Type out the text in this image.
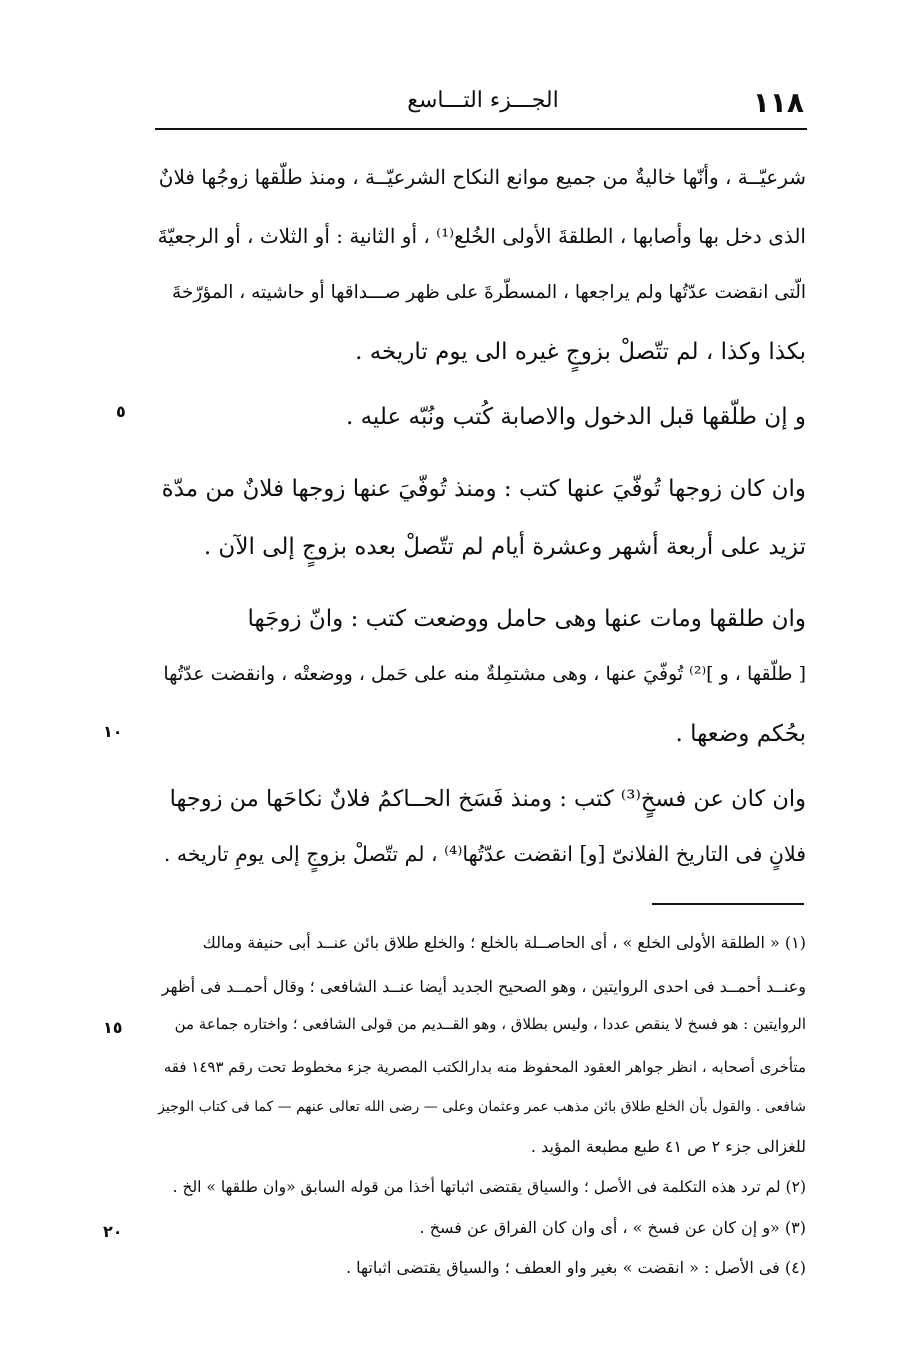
١١٨
الجـــزء التـــاسع
شرعيّــة ، وأنّها خاليةٌ من جميع موانع النكاح الشرعيّــة ، ومنذ طلّقها زوجُها فلانٌ
الذى دخل بها وأصابها ، الطلقةَ الأولى الخُلع⁽¹⁾ ، أو الثانية : أو الثلاث ، أو الرجعيّةَ
الّتى انقضت عدّتُها ولم يراجعها ، المسطّرةَ على ظهر صـــداقها أو حاشيته ، المؤرّخةَ
بكذا وكذا ، لم تتّصلْ بزوجٍ غيره الى يوم تاريخه .
و إن طلّقها قبل الدخول والاصابة كُتب ونُبّه عليه .
وان كان زوجها تُوفّيَ عنها كتب : ومنذ تُوفّيَ عنها زوجها فلانٌ من مدّة
تزيد على أربعة أشهر وعشرة أيام لم تتّصلْ بعده بزوجٍ إلى الآن .
وان طلقها ومات عنها وهى حامل ووضعت كتب : وانّ زوجَها
[ طلّقها ، و ]⁽²⁾ تُوفّيَ عنها ، وهى مشتمِلةٌ منه على حَمل ، ووضعتْه ، وانقضت عدّتُها
بحُكم وضعها .
وان كان عن فسخٍ⁽³⁾ كتب : ومنذ فَسَخ الحــاكمُ فلانٌ نكاحَها من زوجها
فلانٍ فى التاريخ الفلانىّ [و] انقضت عدّتُها⁽⁴⁾ ، لم تتّصلْ بزوجٍ إلى يومِ تاريخه .
٥
١٠
١٥
٢٠
(١) « الطلقة الأولى الخلع » ، أى الحاصــلة بالخلع ؛ والخلع طلاق بائن عنــد أبى حنيفة ومالك
وعنــد أحمــد فى احدى الروايتين ، وهو الصحيح الجديد أيضا عنــد الشافعى ؛ وقال أحمــد فى أظهر
الروايتين : هو فسخ لا ينقص عددا ، وليس بطلاق ، وهو القــديم من قولى الشافعى ؛ واختاره جماعة من
متأخرى أصحابه ، انظر جواهر العقود المحفوظ منه بدارالكتب المصرية جزء مخطوط تحت رقم ١٤٩٣ فقه
شافعى . والقول بأن الخلع طلاق بائن مذهب عمر وعثمان وعلى — رضى الله تعالى عنهم — كما فى كتاب الوجيز
للغزالى جزء ٢ ص ٤١ طبع مطبعة المؤيد .
(٢) لم ترد هذه التكلمة فى الأصل ؛ والسياق يقتضى اثباتها أخذا من قوله السابق «وان طلقها » الخ .
(٣) «و إن كان عن فسخ » ، أى وان كان الفراق عن فسخ .
(٤) فى الأصل : « انقضت » بغير واو العطف ؛ والسياق يقتضى اثباتها .
